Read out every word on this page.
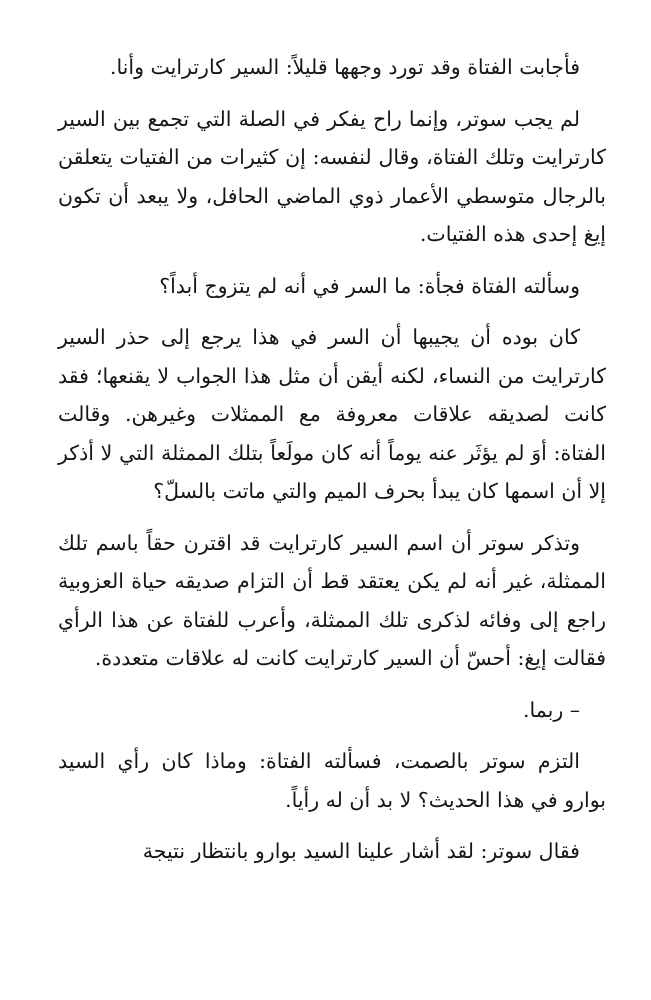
فأجابت الفتاة وقد تورد وجهها قليلاً: السير كارترايت وأنا.

لم يجب سوتر، وإنما راح يفكر في الصلة التي تجمع بين السير كارترايت وتلك الفتاة، وقال لنفسه: إن كثيرات من الفتيات يتعلقن بالرجال متوسطي الأعمار ذوي الماضي الحافل، ولا يبعد أن تكون إيغ إحدى هذه الفتيات.

وسألته الفتاة فجأة: ما السر في أنه لم يتزوج أبداً؟

كان بوده أن يجيبها أن السر في هذا يرجع إلى حذر السير كارترايت من النساء، لكنه أيقن أن مثل هذا الجواب لا يقنعها؛ فقد كانت لصديقه علاقات معروفة مع الممثلات وغيرهن. وقالت الفتاة: أوَ لم يؤثَر عنه يوماً أنه كان مولَعاً بتلك الممثلة التي لا أذكر إلا أن اسمها كان يبدأ بحرف الميم والتي ماتت بالسلّ؟

وتذكر سوتر أن اسم السير كارترايت قد اقترن حقاً باسم تلك الممثلة، غير أنه لم يكن يعتقد قط أن التزام صديقه حياة العزوبية راجع إلى وفائه لذكرى تلك الممثلة، وأعرب للفتاة عن هذا الرأي فقالت إيغ: أحسّ أن السير كارترايت كانت له علاقات متعددة.

– ربما.

التزم سوتر بالصمت، فسألته الفتاة: وماذا كان رأي السيد بوارو في هذا الحديث؟ لا بد أن له رأياً.

فقال سوتر: لقد أشار علينا السيد بوارو بانتظار نتيجة
